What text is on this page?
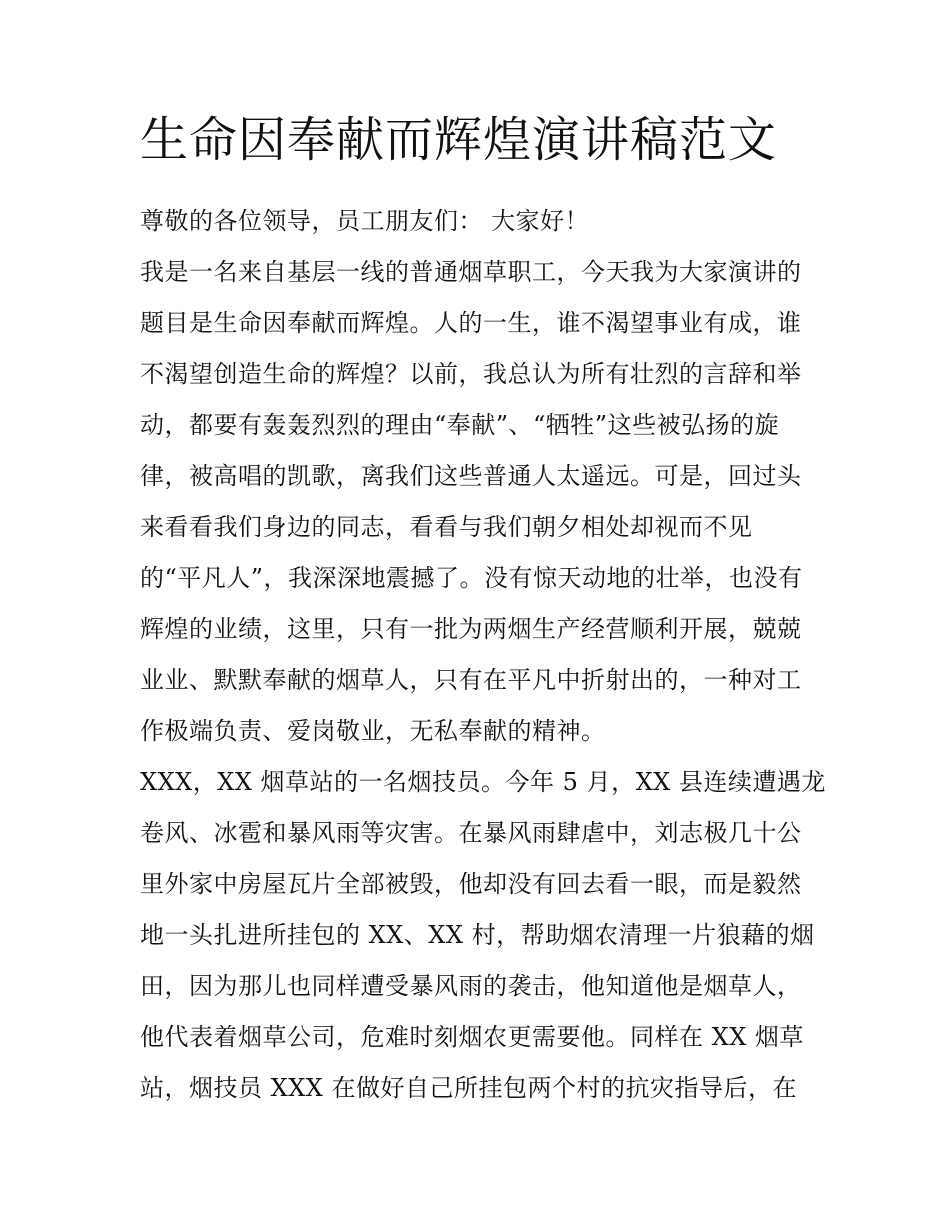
生命因奉献而辉煌演讲稿范文

尊敬的各位领导，员工朋友们： 大家好！

我是一名来自基层一线的普通烟草职工，今天我为大家演讲的

题目是生命因奉献而辉煌。人的一生，谁不渴望事业有成，谁

不渴望创造生命的辉煌？以前，我总认为所有壮烈的言辞和举

动，都要有轰轰烈烈的理由“奉献”、“牺牲”这些被弘扬的旋

律，被高唱的凯歌，离我们这些普通人太遥远。可是，回过头

来看看我们身边的同志，看看与我们朝夕相处却视而不见

的“平凡人”，我深深地震撼了。没有惊天动地的壮举，也没有

辉煌的业绩，这里，只有一批为两烟生产经营顺利开展，兢兢

业业、默默奉献的烟草人，只有在平凡中折射出的，一种对工

作极端负责、爱岗敬业，无私奉献的精神。

XXX，XX 烟草站的一名烟技员。今年 5 月，XX 县连续遭遇龙

卷风、冰雹和暴风雨等灾害。在暴风雨肆虐中，刘志极几十公

里外家中房屋瓦片全部被毁，他却没有回去看一眼，而是毅然

地一头扎进所挂包的 XX、XX 村，帮助烟农清理一片狼藉的烟

田，因为那儿也同样遭受暴风雨的袭击，他知道他是烟草人，

他代表着烟草公司，危难时刻烟农更需要他。同样在 XX 烟草

站，烟技员 XXX 在做好自己所挂包两个村的抗灾指导后，在
